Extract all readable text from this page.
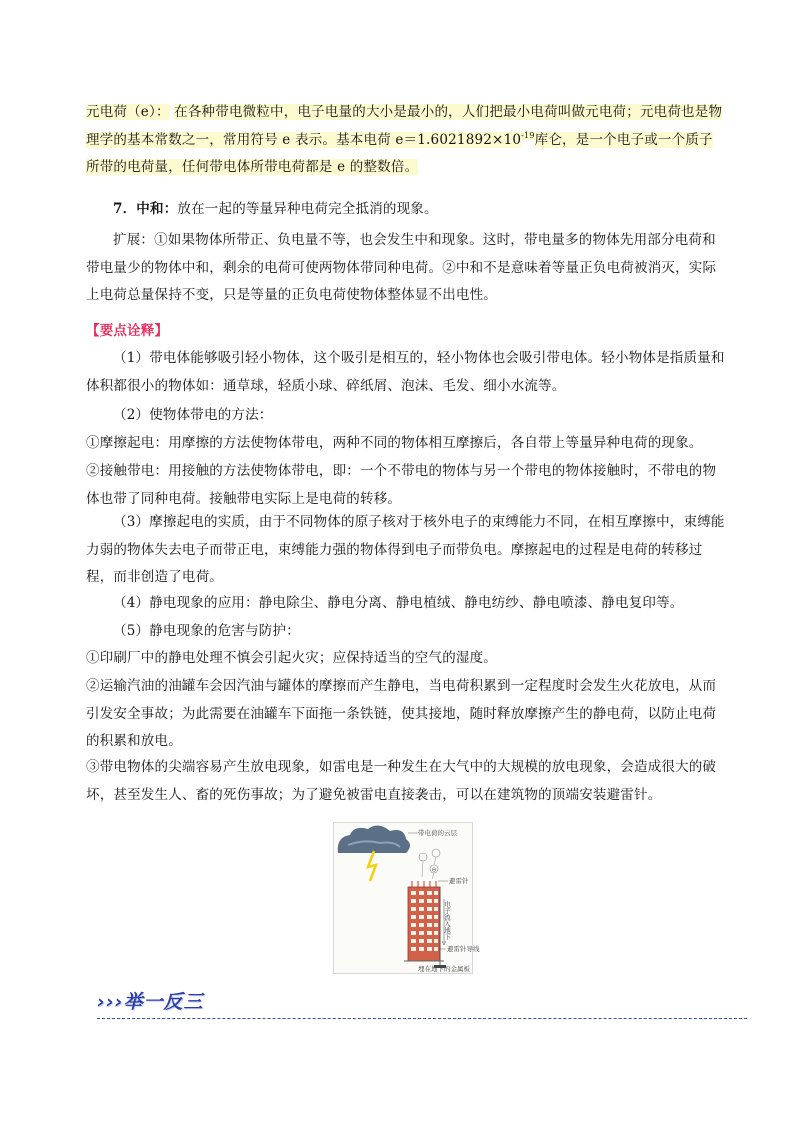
元电荷（e）： 在各种带电微粒中，电子电量的大小是最小的，人们把最小电荷叫做元电荷；元电荷也是物理学的基本常数之一，常用符号 e 表示。基本电荷 $e=1.6021892\times 10^{-19}$库仑，是一个电子或一个质子所带的电荷量，任何带电体所带电荷都是 e 的整数倍。

7．中和：放在一起的等量异种电荷完全抵消的现象。

扩展：①如果物体所带正、负电量不等，也会发生中和现象。这时，带电量多的物体先用部分电荷和带电量少的物体中和，剩余的电荷可使两物体带同种电荷。②中和不是意味着等量正负电荷被消灭，实际上电荷总量保持不变，只是等量的正负电荷使物体整体显不出电性。

【要点诠释】

（1）带电体能够吸引轻小物体，这个吸引是相互的，轻小物体也会吸引带电体。轻小物体是指质量和体积都很小的物体如：通草球，轻质小球、碎纸屑、泡沫、毛发、细小水流等。

（2）使物体带电的方法：

①摩擦起电：用摩擦的方法使物体带电，两种不同的物体相互摩擦后，各自带上等量异种电荷的现象。

②接触带电：用接触的方法使物体带电，即：一个不带电的物体与另一个带电的物体接触时，不带电的物体也带了同种电荷。接触带电实际上是电荷的转移。

（3）摩擦起电的实质，由于不同物体的原子核对于核外电子的束缚能力不同，在相互摩擦中，束缚能力弱的物体失去电子而带正电，束缚能力强的物体得到电子而带负电。摩擦起电的过程是电荷的转移过程，而非创造了电荷。

（4）静电现象的应用：静电除尘、静电分离、静电植绒、静电纺纱、静电喷漆、静电复印等。

（5）静电现象的危害与防护：

①印刷厂中的静电处理不慎会引起火灾；应保持适当的空气的湿度。

②运输汽油的油罐车会因汽油与罐体的摩擦而产生静电，当电荷积累到一定程度时会发生火花放电，从而引发安全事故；为此需要在油罐车下面拖一条铁链，使其接地，随时释放摩擦产生的静电荷，以防止电荷的积累和放电。

③带电物体的尖端容易产生放电现象，如雷电是一种发生在大气中的大规模的放电现象，会造成很大的破坏，甚至发生人、畜的死伤事故；为了避免被雷电直接袭击，可以在建筑物的顶端安装避雷针。

带电荷的云层
⊖
避雷针
电子流入地下
避雷针导线
埋在地下的金属板
›››举一反三
